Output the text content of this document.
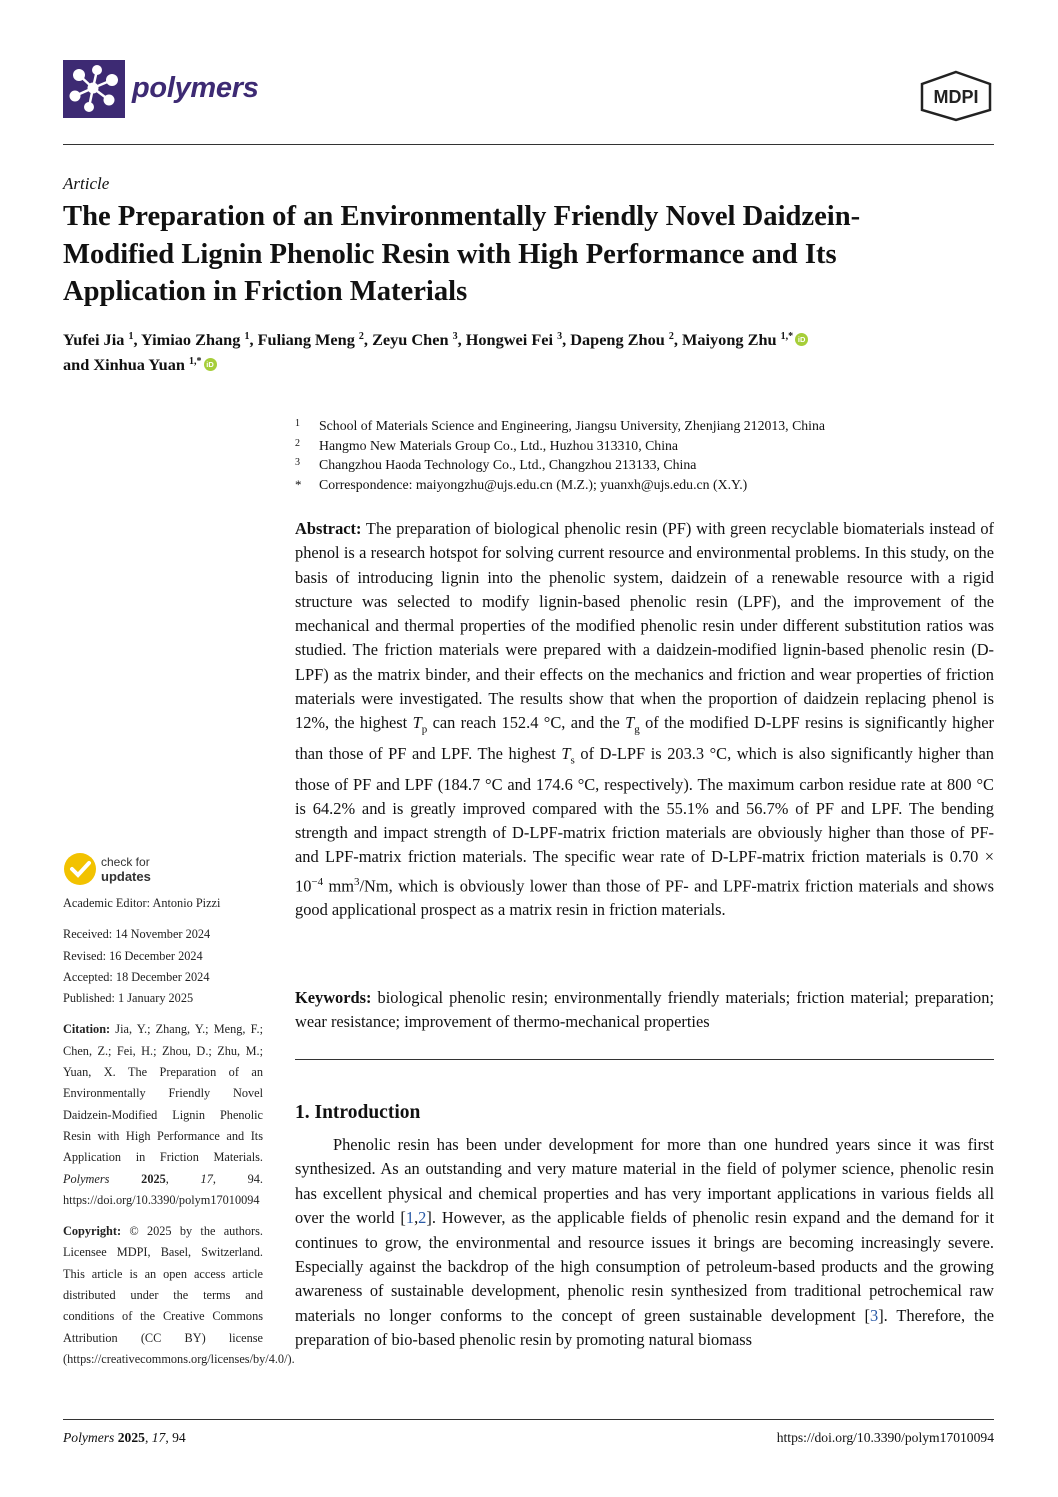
polymers	MDPI
Article
The Preparation of an Environmentally Friendly Novel Daidzein-Modified Lignin Phenolic Resin with High Performance and Its Application in Friction Materials
Yufei Jia $^1$, Yimiao Zhang $^1$, Fuliang Meng $^2$, Zeyu Chen $^3$, Hongwei Fei $^3$, Dapeng Zhou $^2$, Maiyong Zhu $^{1,*}$ iD
and Xinhua Yuan $^{1,*}$ iD
1	School of Materials Science and Engineering, Jiangsu University, Zhenjiang 212013, China
2	Hangmo New Materials Group Co., Ltd., Huzhou 313310, China
3	Changzhou Haoda Technology Co., Ltd., Changzhou 213133, China
*	Correspondence: maiyongzhu@ujs.edu.cn (M.Z.); yuanxh@ujs.edu.cn (X.Y.)

Abstract: The preparation of biological phenolic resin (PF) with green recyclable biomaterials instead of phenol is a research hotspot for solving current resource and environmental problems. In this study, on the basis of introducing lignin into the phenolic system, daidzein of a renewable resource with a rigid structure was selected to modify lignin-based phenolic resin (LPF), and the improvement of the mechanical and thermal properties of the modified phenolic resin under different substitution ratios was studied. The friction materials were prepared with a daidzein-modified lignin-based phenolic resin (D-LPF) as the matrix binder, and their effects on the mechanics and friction and wear properties of friction materials were investigated. The results show that when the proportion of daidzein replacing phenol is 12%, the highest $T_p$ can reach 152.4 °C, and the $T_g$ of the modified D-LPF resins is significantly higher than those of PF and LPF. The highest $T_s$ of D-LPF is 203.3 °C, which is also significantly higher than those of PF and LPF (184.7 °C and 174.6 °C, respectively). The maximum carbon residue rate at 800 °C is 64.2% and is greatly improved compared with the 55.1% and 56.7% of PF and LPF. The bending strength and impact strength of D-LPF-matrix friction materials are obviously higher than those of PF- and LPF-matrix friction materials. The specific wear rate of D-LPF-matrix friction materials is $0.70 \times 10^{-4}$ $mm^3/Nm$, which is obviously lower than those of PF- and LPF-matrix friction materials and shows good applicational prospect as a matrix resin in friction materials.

Keywords: biological phenolic resin; environmentally friendly materials; friction material; preparation; wear resistance; improvement of thermo-mechanical properties

1. Introduction

Phenolic resin has been under development for more than one hundred years since it was first synthesized. As an outstanding and very mature material in the field of polymer science, phenolic resin has excellent physical and chemical properties and has very important applications in various fields all over the world [1,2]. However, as the applicable fields of phenolic resin expand and the demand for it continues to grow, the environmental and resource issues it brings are becoming increasingly severe. Especially against the backdrop of the high consumption of petroleum-based products and the growing awareness of sustainable development, phenolic resin synthesized from traditional petrochemical raw materials no longer conforms to the concept of green sustainable development [3]. Therefore, the preparation of bio-based phenolic resin by promoting natural biomass

check for
updates
Academic Editor: Antonio Pizzi
Received: 14 November 2024
Revised: 16 December 2024
Accepted: 18 December 2024
Published: 1 January 2025
Citation: Jia, Y.; Zhang, Y.; Meng, F.; Chen, Z.; Fei, H.; Zhou, D.; Zhu, M.; Yuan, X. The Preparation of an Environmentally Friendly Novel Daidzein-Modified Lignin Phenolic Resin with High Performance and Its Application in Friction Materials. Polymers	2025, 17, 94. https://doi.org/10.3390/polym17010094
Copyright: © 2025 by the authors. Licensee MDPI, Basel, Switzerland. This article is an open access article distributed under the terms and conditions of the Creative Commons Attribution (CC BY) license (https://creativecommons.org/licenses/by/4.0/).
Polymers 2025, 17, 94	https://doi.org/10.3390/polym17010094
